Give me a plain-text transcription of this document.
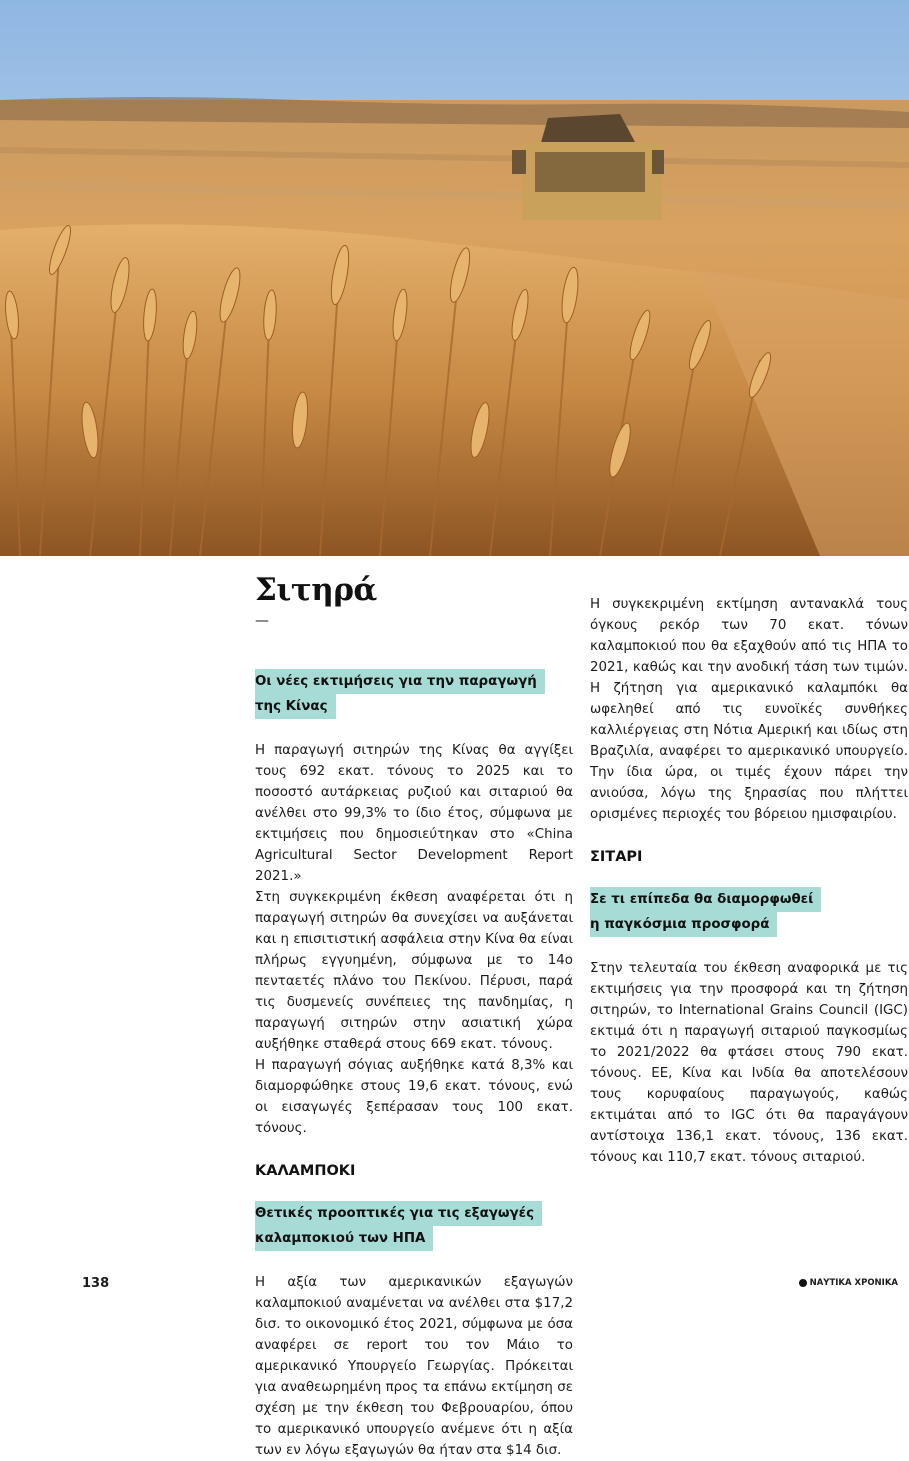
Σιτηρά
—
Οι νέες εκτιμήσεις για την παραγωγή
της Κίνας

Η παραγωγή σιτηρών της Κίνας θα αγγίξει τους 692 εκατ. τόνους το 2025 και το ποσοστό αυτάρκειας ρυζιού και σιταριού θα ανέλθει στο 99,3% το ίδιο έτος, σύμφωνα με εκτιμήσεις που δημοσιεύτηκαν στο «China Agricultural Sector Development Report 2021.»

Στη συγκεκριμένη έκθεση αναφέρεται ότι η παραγωγή σιτηρών θα συνεχίσει να αυξάνεται και η επισιτιστική ασφάλεια στην Κίνα θα είναι πλήρως εγγυημένη, σύμφωνα με το 14ο πενταετές πλάνο του Πεκίνου. Πέρυσι, παρά τις δυσμενείς συνέπειες της πανδημίας, η παραγωγή σιτηρών στην ασιατική χώρα αυξήθηκε σταθερά στους 669 εκατ. τόνους.

Η παραγωγή σόγιας αυξήθηκε κατά 8,3% και διαμορφώθηκε στους 19,6 εκατ. τόνους, ενώ οι εισαγωγές ξεπέρασαν τους 100 εκατ. τόνους.

ΚΑΛΑΜΠΟΚΙ
Θετικές προοπτικές για τις εξαγωγές
καλαμποκιού των ΗΠΑ

Η αξία των αμερικανικών εξαγωγών καλαμποκιού αναμένεται να ανέλθει στα $17,2 δισ. το οικονομικό έτος 2021, σύμφωνα με όσα αναφέρει σε report του τον Μάιο το αμερικανικό Υπουργείο Γεωργίας. Πρόκειται για αναθεωρημένη προς τα επάνω εκτίμηση σε σχέση με την έκθεση του Φεβρουαρίου, όπου το αμερικανικό υπουργείο ανέμενε ότι η αξία των εν λόγω εξαγωγών θα ήταν στα $14 δισ.

Η συγκεκριμένη εκτίμηση αντανακλά τους όγκους ρεκόρ των 70 εκατ. τόνων καλαμποκιού που θα εξαχθούν από τις ΗΠΑ το 2021, καθώς και την ανοδική τάση των τιμών. Η ζήτηση για αμερικανικό καλαμπόκι θα ωφεληθεί από τις ευνοϊκές συνθήκες καλλιέργειας στη Νότια Αμερική και ιδίως στη Βραζιλία, αναφέρει το αμερικανικό υπουργείο. Την ίδια ώρα, οι τιμές έχουν πάρει την ανιούσα, λόγω της ξηρασίας που πλήττει ορισμένες περιοχές του βόρειου ημισφαιρίου.

ΣΙΤΑΡΙ
Σε τι επίπεδα θα διαμορφωθεί
η παγκόσμια προσφορά

Στην τελευταία του έκθεση αναφορικά με τις εκτιμήσεις για την προσφορά και τη ζήτηση σιτηρών, το International Grains Council (IGC) εκτιμά ότι η παραγωγή σιταριού παγκοσμίως το 2021/2022 θα φτάσει στους 790 εκατ. τόνους. ΕΕ, Κίνα και Ινδία θα αποτελέσουν τους κορυφαίους παραγωγούς, καθώς εκτιμάται από το IGC ότι θα παραγάγουν αντίστοιχα 136,1 εκατ. τόνους, 136 εκατ. τόνους και 110,7 εκατ. τόνους σιταριού.

138	ΝΑΥΤΙΚΑ ΧΡΟΝΙΚΑ
